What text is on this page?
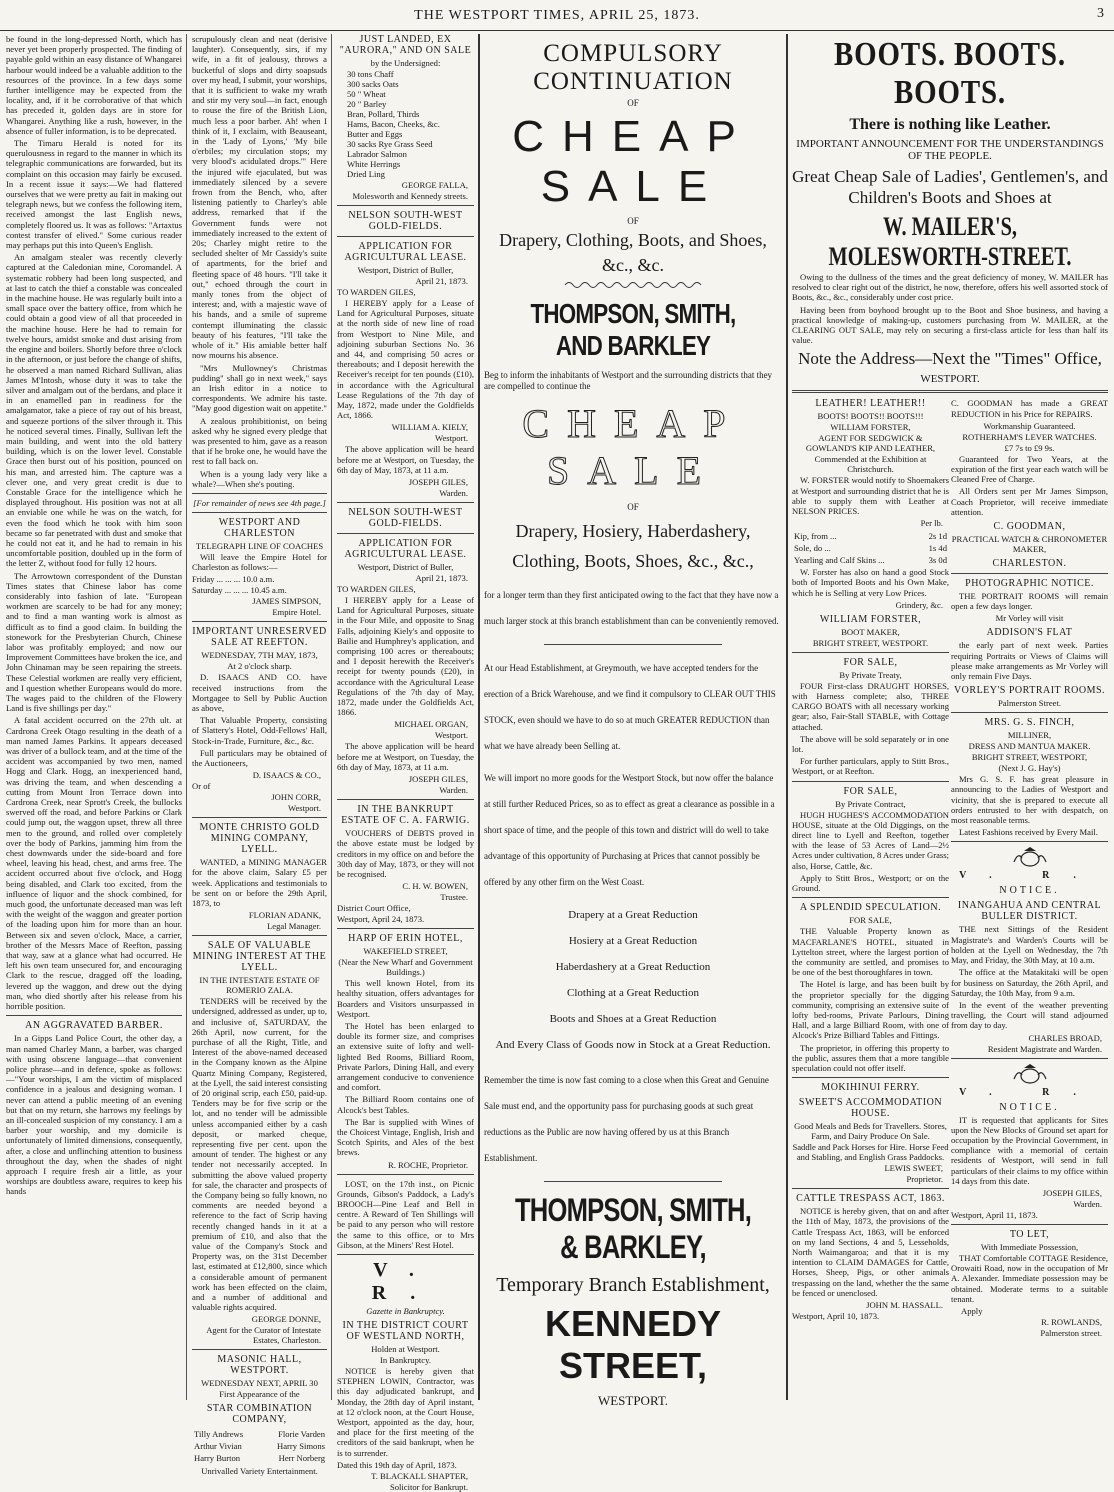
THE WESTPORT TIMES, APRIL 25, 1873.	3

be found in the long-depressed North, which has never yet been properly prospected. The finding of payable gold within an easy distance of Whangarei harbour would indeed be a valuable addition to the resources of the province. In a few days some further intelligence may be expected from the locality, and, if it be corroborative of that which has preceded it, golden days are in store for Whangarei. Anything like a rush, however, in the absence of fuller information, is to be deprecated.

The Timaru Herald is noted for its querulousness in regard to the manner in which its telegraphic communications are forwarded, but its complaint on this occasion may fairly be excused. In a recent issue it says:—We had flattered ourselves that we were pretty au fait in making out telegraph news, but we confess the following item, received amongst the last English news, completely floored us. It was as follows: "Artaxtus contest transfer of elived." Some curious reader may perhaps put this into Queen's English.

An amalgam stealer was recently cleverly captured at the Caledonian mine, Coromandel. A systematic robbery had been long suspected, and at last to catch the thief a constable was concealed in the machine house. He was regularly built into a small space over the battery office, from which he could obtain a good view of all that proceeded in the machine house. Here he had to remain for twelve hours, amidst smoke and dust arising from the engine and boilers. Shortly before three o'clock in the afternoon, or just before the change of shifts, he observed a man named Richard Sullivan, alias James M'Intosh, whose duty it was to take the silver and amalgam out of the berdans, and place it in an enamelled pan in readiness for the amalgamator, take a piece of ray out of his breast, and squeeze portions of the silver through it. This he noticed several times. Finally, Sullivan left the main building, and went into the old battery building, which is on the lower level. Constable Grace then burst out of his position, pounced on his man, and arrested him. The capture was a clever one, and very great credit is due to Constable Grace for the intelligence which he displayed throughout. His position was not at all an enviable one while he was on the watch, for even the food which he took with him soon became so far penetrated with dust and smoke that he could not eat it, and he had to remain in his uncomfortable position, doubled up in the form of the letter Z, without food for fully 12 hours.

The Arrowtown correspondent of the Dunstan Times states that Chinese labor has come considerably into fashion of late. "European workmen are scarcely to be had for any money; and to find a man wanting work is almost as difficult as to find a good claim. In building the stonework for the Presbyterian Church, Chinese labor was profitably employed; and now our Improvement Committees have broken the ice, and John Chinaman may be seen repairing the streets. These Celestial workmen are really very efficient, and I question whether Europeans would do more. The wages paid to the children of the Flowery Land is five shillings per day."

A fatal accident occurred on the 27th ult. at Cardrona Creek Otago resulting in the death of a man named James Parkins. It appears deceased was driver of a bullock team, and at the time of the accident was accompanied by two men, named Hogg and Clark. Hogg, an inexperienced hand, was driving the team, and when descending a cutting from Mount Iron Terrace down into Cardrona Creek, near Sprott's Creek, the bullocks swerved off the road, and before Parkins or Clark could jump out, the waggon upset, threw all three men to the ground, and rolled over completely over the body of Parkins, jamming him from the chest downwards under the side-board and fore wheel, leaving his head, chest, and arms free. The accident occurred about five o'clock, and Hogg being disabled, and Clark too excited, from the influence of liquor and the shock combined, for much good, the unfortunate deceased man was left with the weight of the waggon and greater portion of the loading upon him for more than an hour. Between six and seven o'clock, Mace, a carrier, brother of the Messrs Mace of Reefton, passing that way, saw at a glance what had occurred. He left his own team unsecured for, and encouraging Clark to the rescue, dragged off the loading, levered up the waggon, and drew out the dying man, who died shortly after his release from his horrible position.

AN AGGRAVATED BARBER.

In a Gipps Land Police Court, the other day, a man named Charley Mann, a barber, was charged with using obscene language—that convenient police phrase—and in defence, spoke as follows:—"Your worships, I am the victim of misplaced confidence in a jealous and designing woman. I never can attend a public meeting of an evening but that on my return, she harrows my feelings by an ill-concealed suspicion of my constancy. I am a barber your worship, and my domicile is unfortunately of limited dimensions, consequently, after, a close and unflinching attention to business throughout the day, when the shades of night approach I require fresh air a little, as your worships are doubtless aware, requires to keep his hands

scrupulously clean and neat (derisive laughter). Consequently, sirs, if my wife, in a fit of jealousy, throws a bucketful of slops and dirty soapsuds over my head, I submit, your worships, that it is sufficient to wake my wrath and stir my very soul—in fact, enough to rouse the fire of the British Lion, much less a poor barber. Ah! when I think of it, I exclaim, with Beauseant, in the 'Lady of Lyons,' 'My bile o'erbiles; my circulation stops; my very blood's acidulated drops.'" Here the injured wife ejaculated, but was immediately silenced by a severe frown from the Bench, who, after listening patiently to Charley's able address, remarked that if the Government funds were not immediately increased to the extent of 20s; Charley might retire to the secluded shelter of Mr Cassidy's suite of apartments, for the brief and fleeting space of 48 hours. "I'll take it out," echoed through the court in manly tones from the object of interest; and, with a majestic wave of his hands, and a smile of supreme contempt illuminating the classic beauty of his features, "I'll take the whole of it." His amiable better half now mourns his absence.

"Mrs Mullowney's Christmas pudding" shall go in next week," says an Irish editor in a notice to correspondents. We admire his taste. "May good digestion wait on appetite."

A zealous prohibitionist, on being asked why he signed every pledge that was presented to him, gave as a reason that if he broke one, he would have the rest to fall back on.

When is a young lady very like a whale?—When she's pouting.

[For remainder of news see 4th page.]
WESTPORT AND CHARLESTON
TELEGRAPH LINE OF COACHES

Will leave the Empire Hotel for Charleston as follows:—

Friday ... ... ... 10.0 a.m.
Saturday ... ... ... 10.45 a.m.
JAMES SIMPSON,
Empire Hotel.
IMPORTANT UNRESERVED SALE AT REEFTON.
WEDNESDAY, 7TH MAY, 1873,
At 2 o'clock sharp.

D. ISAACS AND CO. have received instructions from the Mortgagee to Sell by Public Auction as above,

That Valuable Property, consisting of Slattery's Hotel, Odd-Fellows' Hall, Stock-in-Trade, Furniture, &c., &c.

Full particulars may be obtained of the Auctioneers,

D. ISAACS & CO.,
Or of
JOHN CORR,
Westport.
MONTE CHRISTO GOLD MINING COMPANY, LYELL.

WANTED, a MINING MANAGER for the above claim, Salary £5 per week. Applications and testimonials to be sent on or before the 29th April, 1873, to

FLORIAN ADANK,
Legal Manager.
SALE OF VALUABLE MINING INTEREST AT THE LYELL.
IN THE INTESTATE ESTATE OF ROMERIO ZALA.

TENDERS will be received by the undersigned, addressed as under, up to, and inclusive of, SATURDAY, the 26th April, now current, for the purchase of all the Right, Title, and Interest of the above-named deceased in the Company known as the Alpine Quartz Mining Company, Registered, at the Lyell, the said interest consisting of 20 original scrip, each £50, paid-up. Tenders may be for five scrip or the lot, and no tender will be admissible unless accompanied either by a cash deposit, or marked cheque, representing five per cent. upon the amount of tender. The highest or any tender not necessarily accepted. In submitting the above valued property for sale, the character and prospects of the Company being so fully known, no comments are needed beyond a reference to the fact of Scrip having recently changed hands in it at a premium of £10, and also that the value of the Company's Stock and Property was, on the 31st December last, estimated at £12,800, since which a considerable amount of permanent work has been effected on the claim, and a number of additional and valuable rights acquired.

GEORGE DONNE,
Agent for the Curator of Intestate Estates, Charleston.
MASONIC HALL, WESTPORT.
WEDNESDAY NEXT, APRIL 30
First Appearance of the
STAR COMBINATION COMPANY,
Tilly Andrews	Florie Varden
Arthur Vivian	Harry Simons
Harry Burton	Herr Norberg
Unrivalled Variety Entertainment.
JUST LANDED, EX "AURORA," AND ON SALE
by the Undersigned:
30 tons Chaff
300 sacks Oats
50 " Wheat
20 " Barley
Bran, Pollard, Thirds
Hams, Bacon, Cheeks, &c.
Butter and Eggs
30 sacks Rye Grass Seed
Labrador Salmon
White Herrings
Dried Ling
GEORGE FALLA,
Molesworth and Kennedy streets.
NELSON SOUTH-WEST GOLD-FIELDS.
APPLICATION FOR AGRICULTURAL LEASE.
Westport, District of Buller,
April 21, 1873.
TO WARDEN GILES,

I HEREBY apply for a Lease of Land for Agricultural Purposes, situate at the north side of new line of road from Westport to Nine Mile, and adjoining suburban Sections No. 36 and 44, and comprising 50 acres or thereabouts; and I deposit herewith the Receiver's receipt for ten pounds (£10), in accordance with the Agricultural Lease Regulations of the 7th day of May, 1872, made under the Goldfields Act, 1866.

WILLIAM A. KIELY,
Westport.

The above application will be heard before me at Westport, on Tuesday, the 6th day of May, 1873, at 11 a.m.

JOSEPH GILES,
Warden.
NELSON SOUTH-WEST GOLD-FIELDS.
APPLICATION FOR AGRICULTURAL LEASE.
Westport, District of Buller,
April 21, 1873.
TO WARDEN GILES,

I HEREBY apply for a Lease of Land for Agricultural Purposes, situate in the Four Mile, and opposite to Snag Falls, adjoining Kiely's and opposite to Bailie and Humphrey's application, and comprising 100 acres or thereabouts; and I deposit herewith the Receiver's receipt for twenty pounds (£20), in accordance with the Agricultural Lease Regulations of the 7th day of May, 1872, made under the Goldfields Act, 1866.

MICHAEL ORGAN,
Westport.

The above application will be heard before me at Westport, on Tuesday, the 6th day of May, 1873, at 11 a.m.

JOSEPH GILES,
Warden.
IN THE BANKRUPT ESTATE OF C. A. FARWIG.

VOUCHERS of DEBTS proved in the above estate must be lodged by creditors in my office on and before the 30th day of May, 1873, or they will not be recognised.

C. H. W. BOWEN,
Trustee.
District Court Office,
Westport, April 24, 1873.
HARP OF ERIN HOTEL,
WAKEFIELD STREET,
(Near the New Wharf and Government Buildings.)

This well known Hotel, from its healthy situation, offers advantages for Boarders and Visitors unsurpassed in Westport.

The Hotel has been enlarged to double its former size, and comprises an extensive suite of lofty and well-lighted Bed Rooms, Billiard Room, Private Parlors, Dining Hall, and every arrangement conducive to convenience and comfort.

The Billiard Room contains one of Alcock's best Tables.

The Bar is supplied with Wines of the Choicest Vintage, English, Irish and Scotch Spirits, and Ales of the best brews.

R. ROCHE, Proprietor.

LOST, on the 17th inst., on Picnic Grounds, Gibson's Paddock, a Lady's BROOCH—Pine Leaf and Bell in centre. A Reward of Ten Shillings will be paid to any person who will restore the same to this office, or to Mrs Gibson, at the Miners' Rest Hotel.

V. R.
Gazette in Bankruptcy.
IN THE DISTRICT COURT OF WESTLAND NORTH,
Holden at Westport.
In Bankruptcy.

NOTICE is hereby given that STEPHEN LOWIN, Contractor, was this day adjudicated bankrupt, and Monday, the 28th day of April instant, at 12 o'clock noon, at the Court House, Westport, appointed as the day, hour, and place for the first meeting of the creditors of the said bankrupt, when he is to surrender.

Dated this 19th day of April, 1873.
T. BLACKALL SHAPTER,
Solicitor for Bankrupt.
COMPULSORY CONTINUATION
OF
CHEAP SALE
OF
Drapery, Clothing, Boots, and Shoes,
&c., &c.
THOMPSON, SMITH, AND BARKLEY
Beg to inform the inhabitants of Westport and the surrounding districts that they are compelled to continue the
CHEAP SALE
OF
Drapery, Hosiery, Haberdashery, Clothing, Boots, Shoes, &c., &c.,
for a longer term than they first anticipated owing to the fact that they have now a much larger stock at this branch establishment than can be conveniently removed.
At our Head Establishment, at Greymouth, we have accepted tenders for the erection of a Brick Warehouse, and we find it compulsory to CLEAR OUT THIS STOCK, even should we have to do so at much GREATER REDUCTION than what we have already been Selling at.
We will import no more goods for the Westport Stock, but now offer the balance at still further Reduced Prices, so as to effect as great a clearance as possible in a short space of time, and the people of this town and district will do well to take advantage of this opportunity of Purchasing at Prices that cannot possibly be offered by any other firm on the West Coast.
Drapery at a Great Reduction
Hosiery at a Great Reduction
Haberdashery at a Great Reduction
Clothing at a Great Reduction
Boots and Shoes at a Great Reduction
And Every Class of Goods now in Stock at a Great Reduction.
Remember the time is now fast coming to a close when this Great and Genuine Sale must end, and the opportunity pass for purchasing goods at such great reductions as the Public are now having offered by us at this Branch Establishment.
THOMPSON, SMITH, & BARKLEY,
Temporary Branch Establishment,
KENNEDY STREET,
WESTPORT.
BOOTS. BOOTS. BOOTS.
There is nothing like Leather.
IMPORTANT ANNOUNCEMENT FOR THE UNDERSTANDINGS OF THE PEOPLE.
Great Cheap Sale of Ladies', Gentlemen's, and Children's Boots and Shoes at
W. MAILER'S, MOLESWORTH-STREET.

Owing to the dullness of the times and the great deficiency of money, W. MAILER has resolved to clear right out of the district, he now, therefore, offers his well assorted stock of Boots, &c., &c., considerably under cost price.

Having been from boyhood brought up to the Boot and Shoe business, and having a practical knowledge of making-up, customers purchasing from W. MAILER, at the CLEARING OUT SALE, may rely on securing a first-class article for less than half its value.

Note the Address—Next the "Times" Office,
WESTPORT.
LEATHER! LEATHER!!
BOOTS! BOOTS!! BOOTS!!!
WILLIAM FORSTER,
AGENT FOR SEDGWICK & GOWLAND'S KIP AND LEATHER,
Commended at the Exhibition at Christchurch.

W. FORSTER would notify to Shoemakers at Westport and surrounding district that he is able to supply them with Leather at NELSON PRICES.

Per lb.
Kip, from ...	2s 1d
Sole, do ...	1s 4d
Yearling and Calf Skins ...	3s 0d

W. Forster has also on hand a good Stock both of Imported Boots and his Own Make, which he is Selling at very Low Prices.

Grindery, &c.
WILLIAM FORSTER,
BOOT MAKER,
BRIGHT STREET, WESTPORT.
FOR SALE,
By Private Treaty,

FOUR First-class DRAUGHT HORSES, with Harness complete; also, THREE CARGO BOATS with all necessary working gear; also, Fair-Stall STABLE, with Cottage attached.

The above will be sold separately or in one lot.

For further particulars, apply to Stitt Bros., Westport, or at Reefton.

FOR SALE,
By Private Contract,

HUGH HUGHES'S ACCOMMODATION HOUSE, situate at the Old Diggings, on the direct line to Lyell and Reefton, together with the lease of 53 Acres of Land—2½ Acres under cultivation, 8 Acres under Grass; also, Horse, Cattle, &c.

Apply to Stitt Bros., Westport; or on the Ground.

A SPLENDID SPECULATION.
FOR SALE,

THE Valuable Property known as MACFARLANE'S HOTEL, situated in Lyttelton street, where the largest portion of the community are settled, and promises to be one of the best thoroughfares in town.

The Hotel is large, and has been built by the proprietor specially for the digging community, comprising an extensive suite of lofty bed-rooms, Private Parlours, Dining Hall, and a large Billiard Room, with one of Alcock's Prize Billiard Tables and Fittings.

The proprietor, in offering this property to the public, assures them that a more tangible speculation could not offer itself.

MOKIHINUI FERRY.
SWEET'S ACCOMMODATION HOUSE.
Good Meals and Beds for Travellers. Stores, Farm, and Dairy Produce On Sale.
Saddle and Pack Horses for Hire. Horse Feed and Stabling, and English Grass Paddocks.
LEWIS SWEET,
Proprietor.
CATTLE TRESPASS ACT, 1863.

NOTICE is hereby given, that on and after the 11th of May, 1873, the provisions of the Cattle Trespass Act, 1863, will be enforced on my land Sections, 4 and 5, Lesseholds, North Waimangaroa; and that it is my intention to CLAIM DAMAGES for Cattle, Horses, Sheep, Pigs, or other animals trespassing on the land, whether the the same be fenced or unenclosed.

JOHN M. HASSALL.
Westport, April 10, 1873.

C. GOODMAN has made a GREAT REDUCTION in his Price for REPAIRS.

Workmanship Guaranteed.
ROTHERHAM'S LEVER WATCHES.
£7 7s to £9 9s.

Guaranteed for Two Years, at the expiration of the first year each watch will be Cleaned Free of Charge.

All Orders sent per Mr James Simpson, Coach Proprietor, will receive immediate attention.

C. GOODMAN,
PRACTICAL WATCH & CHRONOMETER MAKER,
CHARLESTON.
PHOTOGRAPHIC NOTICE.

THE PORTRAIT ROOMS will remain open a few days longer.

Mr Vorley will visit
ADDISON'S FLAT

the early part of next week. Parties requiring Portraits or Views of Claims will please make arrangements as Mr Vorley will only remain Five Days.

VORLEY'S PORTRAIT ROOMS.
Palmerston Street.
MRS. G. S. FINCH,
MILLINER,
DRESS AND MANTUA MAKER.
BRIGHT STREET, WESTPORT,
(Next J. G. Hay's)

Mrs G. S. F. has great pleasure in announcing to the Ladies of Westport and vicinity, that she is prepared to execute all orders entrusted to her with despatch, on most reasonable terms.

Latest Fashions received by Every Mail.

V. R.
NOTICE.
INANGAHUA AND CENTRAL BULLER DISTRICT.

THE next Sittings of the Resident Magistrate's and Warden's Courts will be holden at the Lyell on Wednesday, the 7th May, and Friday, the 30th May, at 10 a.m.

The office at the Matakitaki will be open for business on Saturday, the 26th April, and Saturday, the 10th May, from 9 a.m.

In the event of the weather preventing travelling, the Court will stand adjourned from day to day.

CHARLES BROAD,
Resident Magistrate and Warden.
V. R.
NOTICE.

IT is requested that applicants for Sites upon the New Blocks of Ground set apart for occupation by the Provincial Government, in compliance with a memorial of certain residents of Westport, will send in full particulars of their claims to my office within 14 days from this date.

JOSEPH GILES,
Warden.
Westport, April 11, 1873.
TO LET,
With Immediate Possession,

THAT Comfortable COTTAGE Residence, Orowaiti Road, now in the occupation of Mr A. Alexander. Immediate possession may be obtained. Moderate terms to a suitable tenant.

Apply
R. ROWLANDS,
Palmerston street.
